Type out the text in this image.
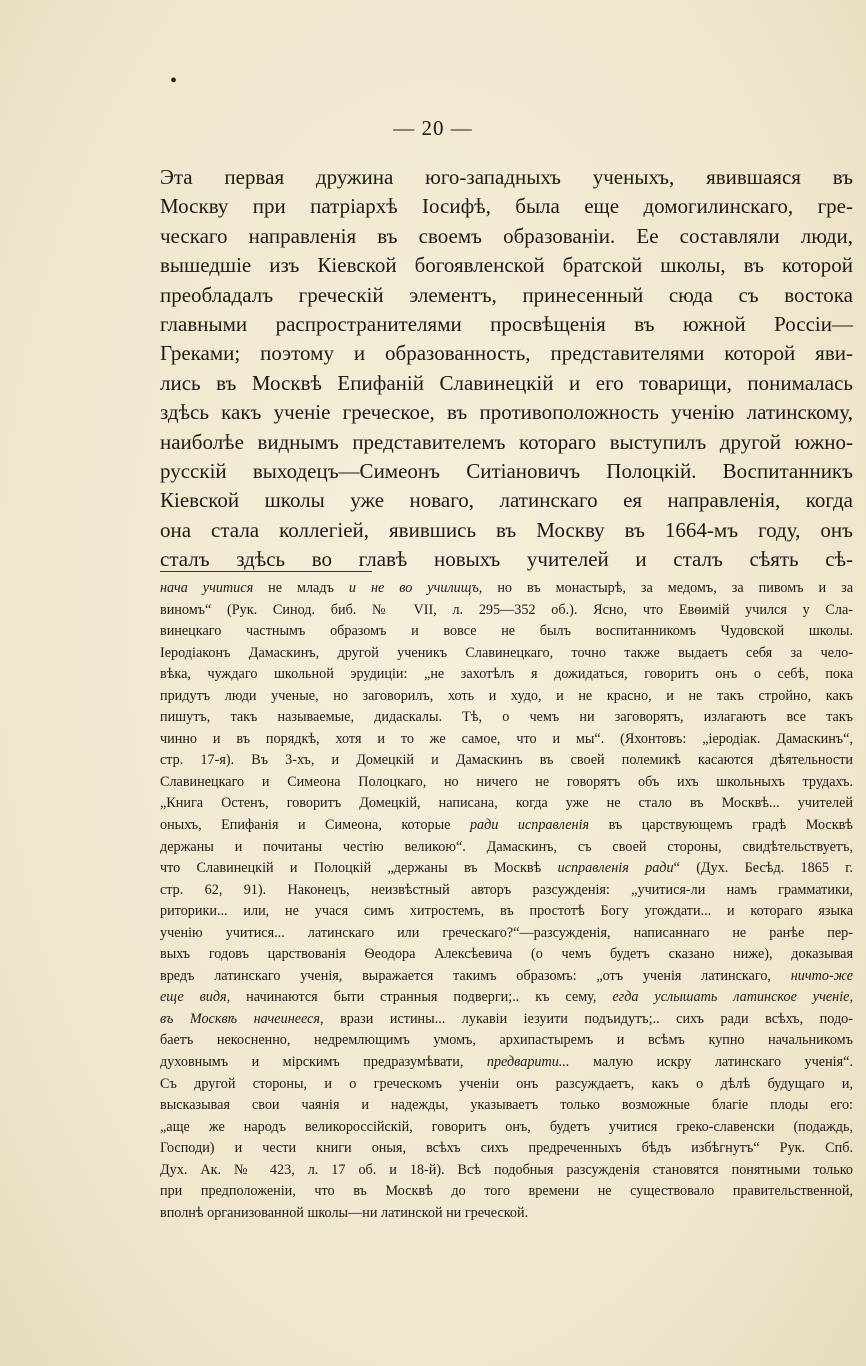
•
— 20 —
Эта первая дружина юго-западныхъ ученыхъ, явившаяся въ
Москву при патріархѣ Іосифѣ, была еще домогилинскаго, гре-
ческаго направленія въ своемъ образованіи. Ее составляли люди,
вышедшіе изъ Кіевской богоявленской братской школы, въ которой
преобладалъ греческій элементъ, принесенный сюда съ востока
главными распространителями просвѣщенія въ южной Россіи—
Греками; поэтому и образованность, представителями которой яви-
лись въ Москвѣ Епифаній Славинецкій и его товарищи, понималась
здѣсь какъ ученіе греческое, въ противоположность ученію латинскому,
наиболѣе виднымъ представителемъ котораго выступилъ другой южно-
русскій выходецъ—Симеонъ Ситіановичъ Полоцкій. Воспитанникъ
Кіевской школы уже новаго, латинскаго ея направленія, когда
она стала коллегіей, явившись въ Москву въ 1664-мъ году, онъ
сталъ здѣсь во главѣ новыхъ учителей и сталъ сѣять сѣ-
нача учитися не младъ и не во училищъ, но въ монастырѣ, за медомъ, за пивомъ и за
виномъ“ (Рук. Синод. биб. № VII, л. 295—352 об.). Ясно, что Евѳимій учился у Сла-
винецкаго частнымъ образомъ и вовсе не былъ воспитанникомъ Чудовской школы.
Іеродіаконъ Дамаскинъ, другой ученикъ Славинецкаго, точно также выдаетъ себя за чело-
вѣка, чуждаго школьной эрудиціи: „не захотѣлъ я дожидаться, говоритъ онъ о себѣ, пока
придутъ люди ученые, но заговорилъ, хоть и худо, и не красно, и не такъ стройно, какъ
пишутъ, такъ называемые, дидаскалы. Тѣ, о чемъ ни заговорятъ, излагаютъ все такъ
чинно и въ порядкѣ, хотя и то же самое, что и мы“. (Яхонтовъ: „іеродіак. Дамаскинъ“,
стр. 17-я). Въ 3-хъ, и Домецкій и Дамаскинъ въ своей полемикѣ касаются дѣятельности
Славинецкаго и Симеона Полоцкаго, но ничего не говорятъ объ ихъ школьныхъ трудахъ.
„Книга Остенъ, говоритъ Домецкій, написана, когда уже не стало въ Москвѣ... учителей
оныхъ, Епифанія и Симеона, которые ради исправленія въ царствующемъ градѣ Москвѣ
держаны и почитаны честію великою“. Дамаскинъ, съ своей стороны, свидѣтельствуетъ,
что Славинецкій и Полоцкій „держаны въ Москвѣ исправленія ради“ (Дух. Бесѣд. 1865 г.
стр. 62, 91). Наконецъ, неизвѣстный авторъ разсужденія: „учитися-ли намъ грамматики,
риторики... или, не учася симъ хитростемъ, въ простотѣ Богу угождати... и котораго языка
ученію учитися... латинскаго или греческаго?“—разсужденія, написаннаго не ранѣе пер-
выхъ годовъ царствованія Ѳеодора Алексѣевича (о чемъ будетъ сказано ниже), доказывая
вредъ латинскаго ученія, выражается такимъ образомъ: „отъ ученія латинскаго, ничто-же
еще видя, начинаются быти странныя подверги;.. къ сему, егда услышать латинское ученіе,
въ Москвѣ начеинееся, врази истины... лукавіи іезуити подъидутъ;.. сихъ ради всѣхъ, подо-
баетъ некосненно, недремлющимъ умомъ, архипастыремъ и всѣмъ купно начальникомъ
духовнымъ и мірскимъ предразумѣвати, предварити... малую искру латинскаго ученія“.
Съ другой стороны, и о греческомъ ученіи онъ разсуждаетъ, какъ о дѣлѣ будущаго и,
высказывая свои чаянія и надежды, указываетъ только возможные благіе плоды его:
„аще же народъ великороссійскій, говоритъ онъ, будетъ учитися греко-славенски (подаждь,
Господи) и чести книги оныя, всѣхъ сихъ предреченныхъ бѣдъ избѣгнутъ“ Рук. Спб.
Дух. Ак. № 423, л. 17 об. и 18-й). Всѣ подобныя разсужденія становятся понятными только
при предположеніи, что въ Москвѣ до того времени не существовало правительственной,
вполнѣ организованной школы—ни латинской ни греческой.
